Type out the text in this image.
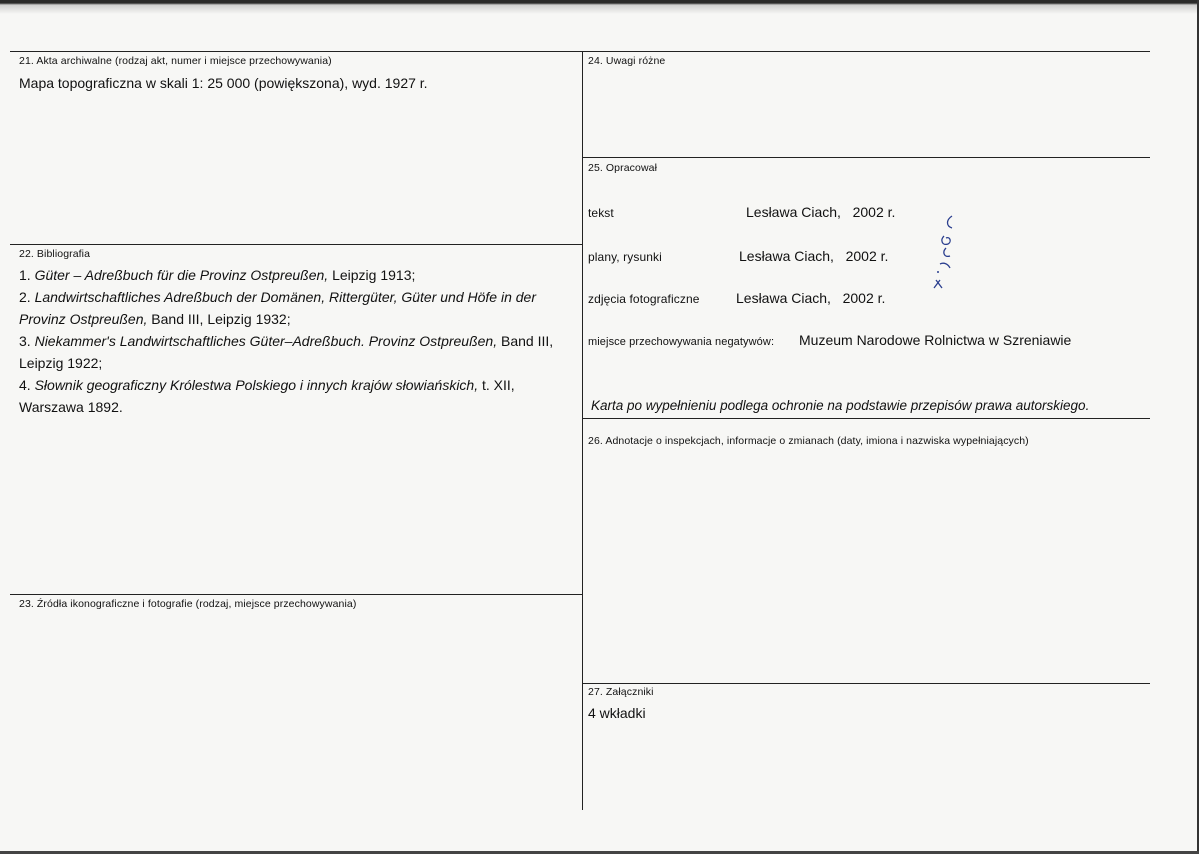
21. Akta archiwalne (rodzaj akt, numer i miejsce przechowywania)
Mapa topograficzna w skali 1: 25 000 (powiększona), wyd. 1927 r.
22. Bibliografia
1. Güter – Adreßbuch für die Provinz Ostpreußen, Leipzig 1913;
2. Landwirtschaftliches Adreßbuch der Domänen, Rittergüter, Güter und Höfe in der Provinz Ostpreußen, Band III, Leipzig 1932;
3. Niekammer's Landwirtschaftliches Güter–Adreßbuch. Provinz Ostpreußen, Band III, Leipzig 1922;
4. Słownik geograficzny Królestwa Polskiego i innych krajów słowiańskich, t. XII, Warszawa 1892.
23. Źródła ikonograficzne i fotografie (rodzaj, miejsce przechowywania)
24. Uwagi różne
25. Opracował
tekst	Lesława Ciach,   2002 r.
plany, rysunki	Lesława Ciach,   2002 r.
zdjęcia fotograficzne	Lesława Ciach,   2002 r.
miejsce przechowywania negatywów: Muzeum Narodowe Rolnictwa w Szreniawie
Karta po wypełnieniu podlega ochronie na podstawie przepisów prawa autorskiego.
26. Adnotacje o inspekcjach, informacje o zmianach (daty, imiona i nazwiska wypełniających)
27. Załączniki
4 wkładki
